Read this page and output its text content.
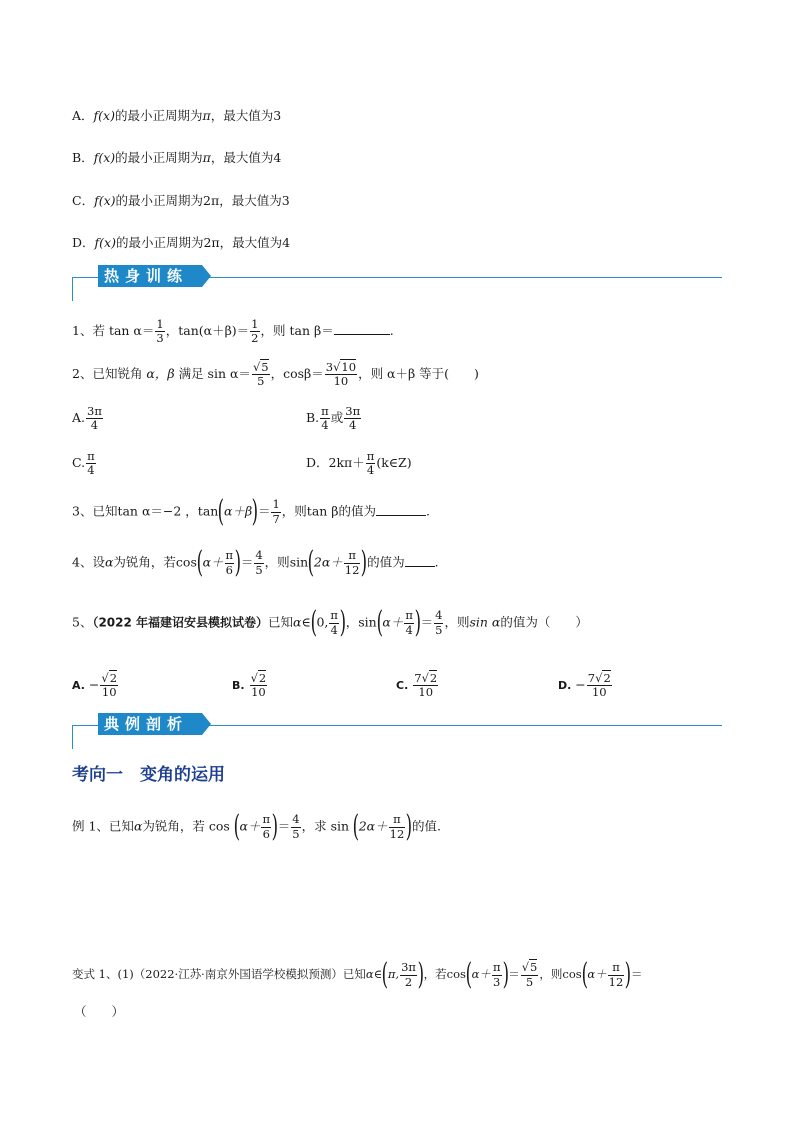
A．f(x)的最小正周期为π，最大值为3
B．f(x)的最小正周期为π，最大值为4
C．f(x)的最小正周期为2π，最大值为3
D．f(x)的最小正周期为2π，最大值为4
热身训练
1、若 $\tan \alpha= \frac{1}{3}$ ，$\tan(\alpha+\beta)= \frac{1}{2}$ ，则 tan β＝	.
2、已知锐角 α，β 满足 $\sin \alpha= \frac{√5}{5}$ ，$\cos\beta= \frac{3√10}{10}$ ，则 α＋β 等于(　　)
A. $\frac{3\pi}{4}$	B. $\frac{\pi}{4}$ 或 $\frac{3\pi}{4}$
C. $\frac{\pi}{4}$	D．$2k\pi+ \frac{\pi}{4}$ (k∈Z)
3、已知tan α＝−2 ，$\tan(\alpha+\beta)= \frac{1}{7}$ ，则tan β的值为	.
4、设α为锐角，若$\cos(\alpha+ \frac{\pi}{6}$ )＝ $\frac{4}{5}$ ，则$\sin(2\alpha+ \frac{\pi}{12}$ )的值为 .
5、（2022 年福建诏安县模拟试卷）已知α∈(0, $\frac{\pi}{4}$ )，$\sin(\alpha+ \frac{\pi}{4}$ )＝ $\frac{4}{5}$ ，则sin α的值为（　　）
A. − $\frac{√2}{10}$	B. $\frac{√2}{10}$	C. $\frac{7√2}{10}$	D. − $\frac{7√2}{10}$
典例剖析
考向一　变角的运用
例 1、已知α为锐角，若 $\cos (\alpha+ \frac{\pi}{6}$ )＝ $\frac{4}{5}$ ，求 $\sin (2\alpha+ \frac{\pi}{12}$ )的值.
变式 1、(1)（2022·江苏·南京外国语学校模拟预测）已知α∈(π, $\frac{3\pi}{2}$ )，若$\cos(\alpha+ \frac{\pi}{3}$ )＝ $\frac{√5}{5}$ ，则$\cos(\alpha+ \frac{\pi}{12}$ )＝
（　　）
